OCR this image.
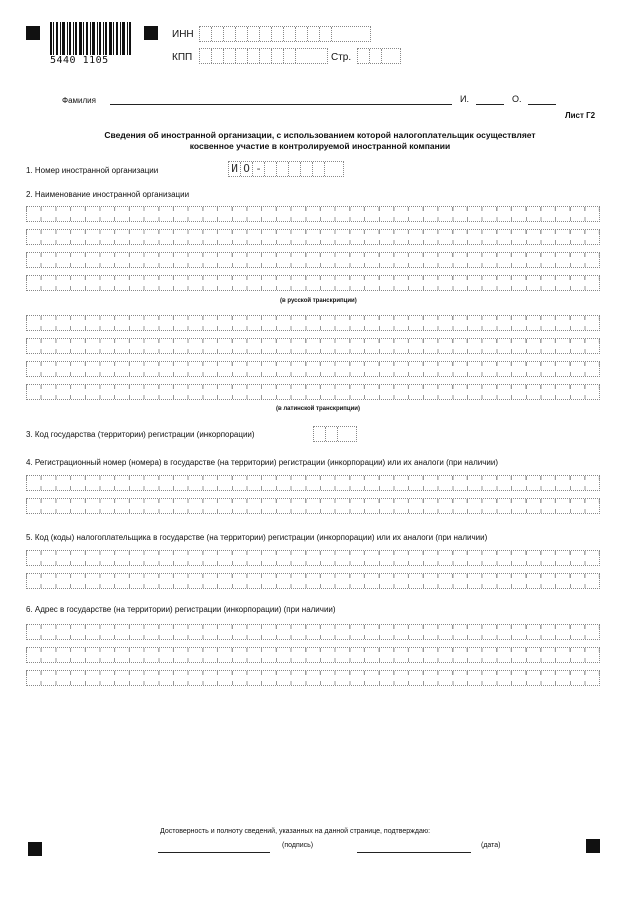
5440 1105
ИНН
КПП	Стр.
Фамилия	И.	О.
Лист Г2
Сведения об иностранной организации, с использованием которой налогоплательщик осуществляет
косвенное участие в контролируемой иностранной компании
1. Номер иностранной организации	И О -
2. Наименование иностранной организации
(в русской транскрипции)
(в латинской транскрипции)
3. Код государства (территории) регистрации (инкорпорации)
4. Регистрационный номер (номера) в государстве (на территории) регистрации (инкорпорации) или их аналоги (при наличии)
5. Код (коды) налогоплательщика в государстве (на территории) регистрации (инкорпорации) или их аналоги (при наличии)
6. Адрес в государстве (на территории) регистрации (инкорпорации) (при наличии)
Достоверность и полноту сведений, указанных на данной странице, подтверждаю:
(подпись)	(дата)
